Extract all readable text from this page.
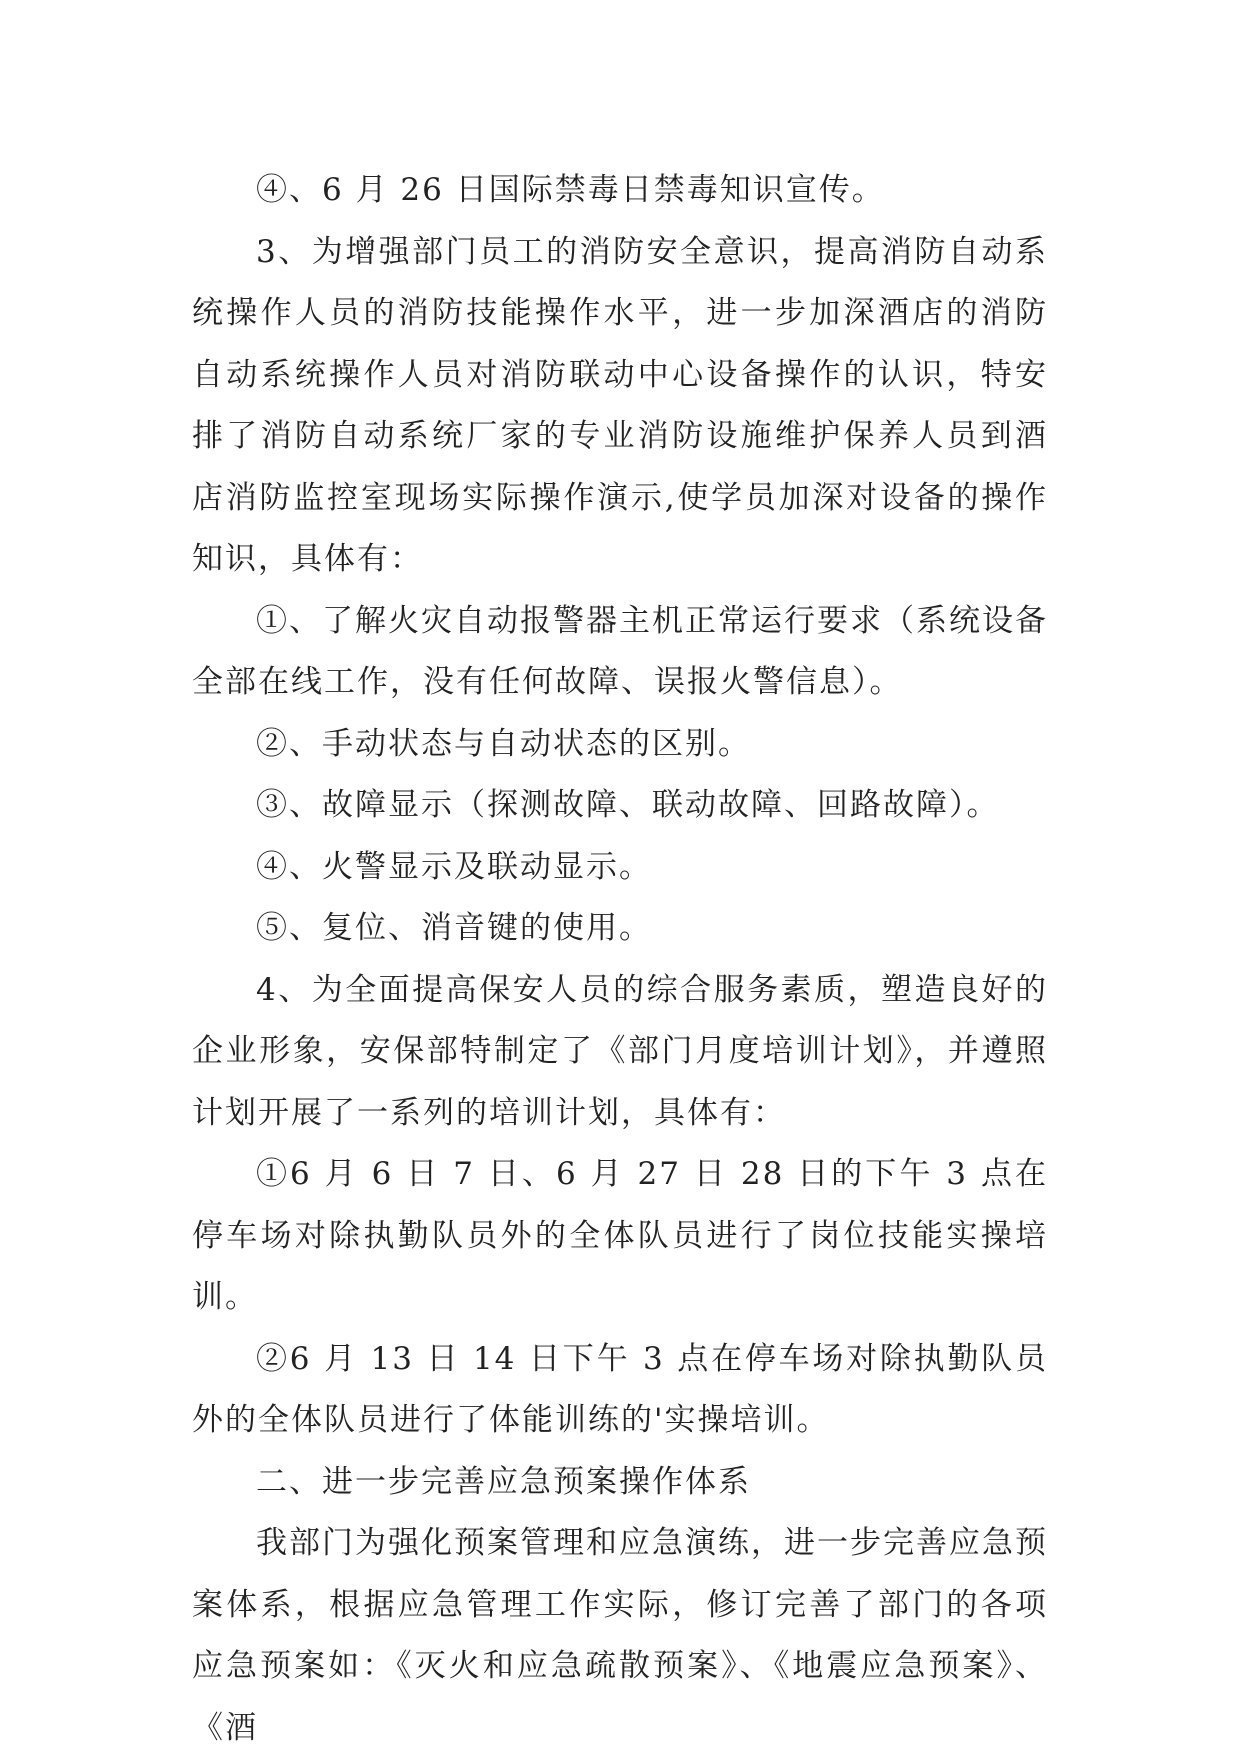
④、6 月 26 日国际禁毒日禁毒知识宣传。

3、为增强部门员工的消防安全意识，提高消防自动系统操作人员的消防技能操作水平，进一步加深酒店的消防自动系统操作人员对消防联动中心设备操作的认识，特安排了消防自动系统厂家的专业消防设施维护保养人员到酒店消防监控室现场实际操作演示,使学员加深对设备的操作知识，具体有：

①、了解火灾自动报警器主机正常运行要求（系统设备全部在线工作，没有任何故障、误报火警信息）。

②、手动状态与自动状态的区别。

③、故障显示（探测故障、联动故障、回路故障）。

④、火警显示及联动显示。

⑤、复位、消音键的使用。

4、为全面提高保安人员的综合服务素质，塑造良好的企业形象，安保部特制定了《部门月度培训计划》，并遵照计划开展了一系列的培训计划，具体有：

①6 月 6 日 7 日、6 月 27 日 28 日的下午 3 点在停车场对除执勤队员外的全体队员进行了岗位技能实操培训。

②6 月 13 日 14 日下午 3 点在停车场对除执勤队员外的全体队员进行了体能训练的'实操培训。

二、进一步完善应急预案操作体系

我部门为强化预案管理和应急演练，进一步完善应急预案体系，根据应急管理工作实际，修订完善了部门的各项应急预案如：《灭火和应急疏散预案》、《地震应急预案》、《酒
